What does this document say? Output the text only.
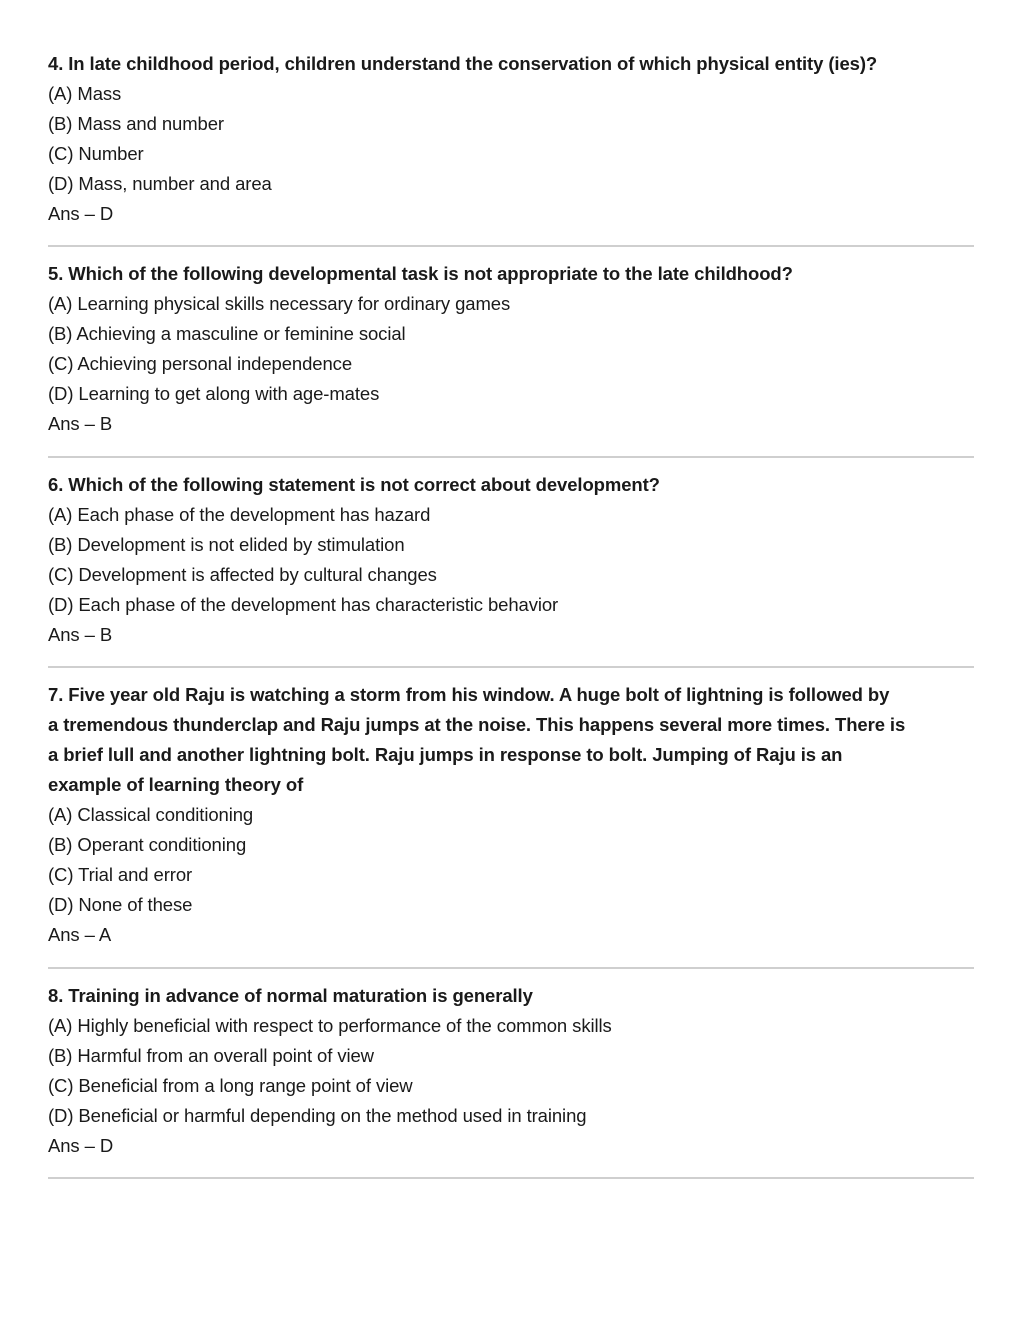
4. In late childhood period, children understand the conservation of which physical entity (ies)?

(A) Mass

(B) Mass and number

(C) Number

(D) Mass, number and area

Ans – D

5. Which of the following developmental task is not appropriate to the late childhood?

(A) Learning physical skills necessary for ordinary games

(B) Achieving a masculine or feminine social

(C) Achieving personal independence

(D) Learning to get along with age-mates

Ans – B

6. Which of the following statement is not correct about development?

(A) Each phase of the development has hazard

(B) Development is not elided by stimulation

(C) Development is affected by cultural changes

(D) Each phase of the development has characteristic behavior

Ans – B

7. Five year old Raju is watching a storm from his window. A huge bolt of lightning is followed by

a tremendous thunderclap and Raju jumps at the noise. This happens several more times. There is

a brief lull and another lightning bolt. Raju jumps in response to bolt. Jumping of Raju is an

example of learning theory of

(A) Classical conditioning

(B) Operant conditioning

(C) Trial and error

(D) None of these

Ans – A

8. Training in advance of normal maturation is generally

(A) Highly beneficial with respect to performance of the common skills

(B) Harmful from an overall point of view

(C) Beneficial from a long range point of view

(D) Beneficial or harmful depending on the method used in training

Ans – D
